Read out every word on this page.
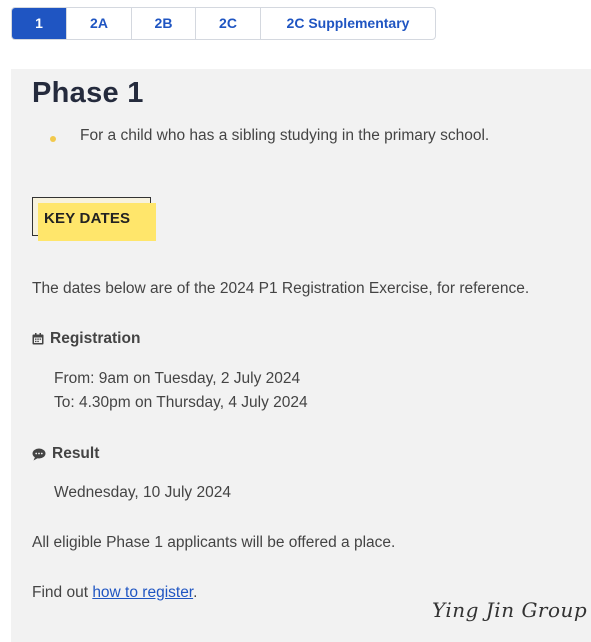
1	2A	2B	2C	2C Supplementary
Phase 1
For a child who has a sibling studying in the primary school.
KEY DATES
The dates below are of the 2024 P1 Registration Exercise, for reference.
Registration
From: 9am on Tuesday, 2 July 2024
To: 4.30pm on Thursday, 4 July 2024
Result
Wednesday, 10 July 2024
All eligible Phase 1 applicants will be offered a place.
Find out how to register.
Ying Jin Group
